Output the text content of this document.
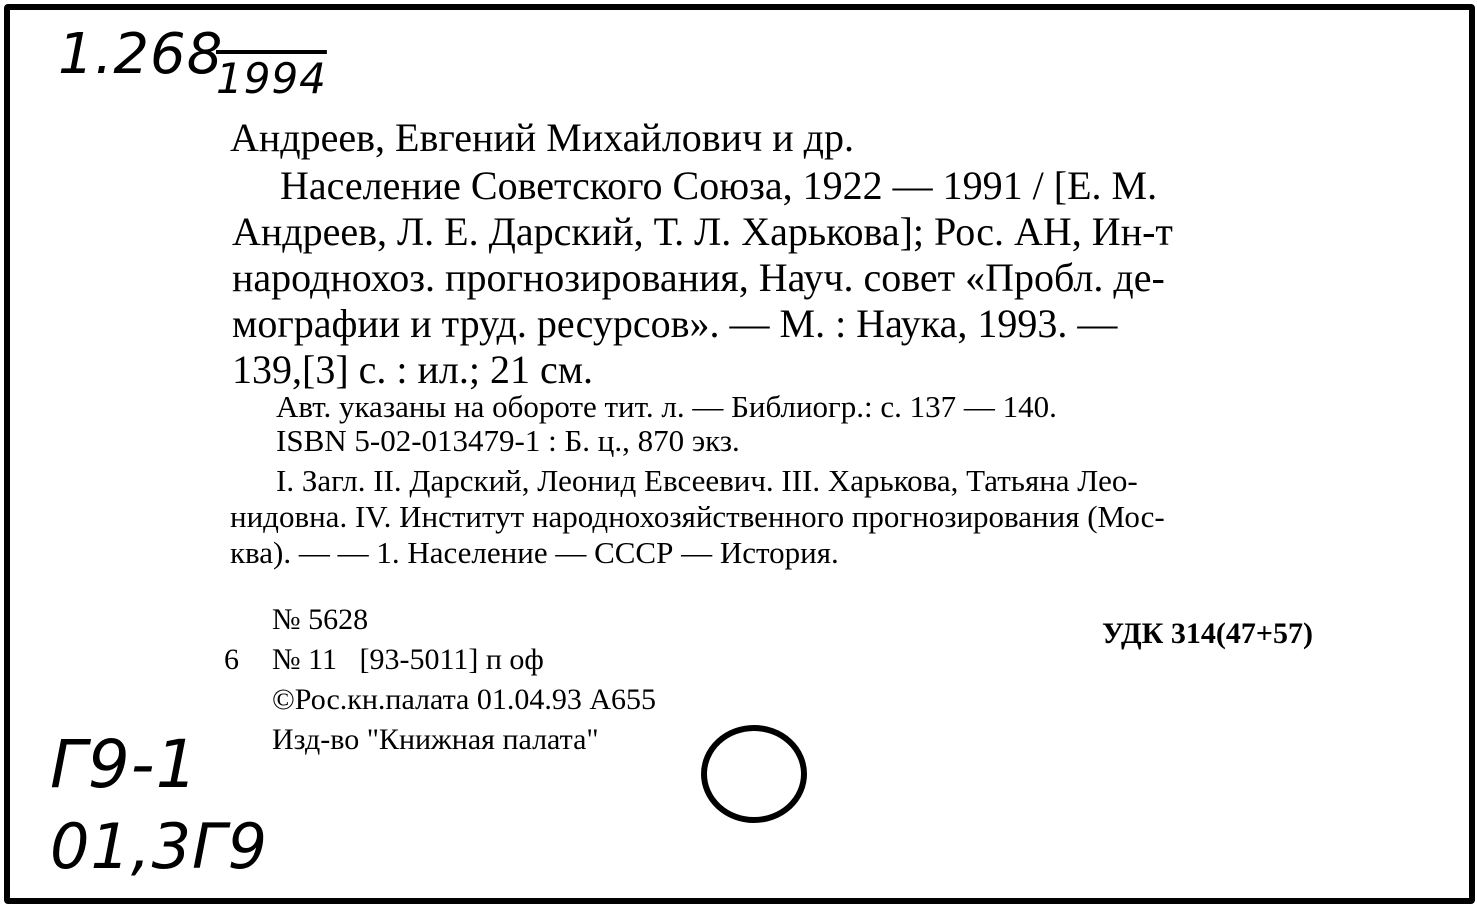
1.268
1994
Андреев, Евгений Михайлович и др.
Население Советского Союза, 1922 — 1991 / [Е. М.
Андреев, Л. Е. Дарский, Т. Л. Харькова]; Рос. АН, Ин-т
народнохоз. прогнозирования, Науч. совет «Пробл. де-
мографии и труд. ресурсов». — М. : Наука, 1993. —
139,[3] с. : ил.; 21 см.
Авт. указаны на обороте тит. л. — Библиогр.: с. 137 — 140.
ISBN 5-02-013479-1 : Б. ц., 870 экз.
I. Загл. II. Дарский, Леонид Евсеевич. III. Харькова, Татьяна Лео-
нидовна. IV. Институт народнохозяйственного прогнозирования (Мос-
ква). — — 1. Население — СССР — История.
№ 5628	УДК 314(47+57)
6 № 11   [93-5011] п оф
©Рос.кн.палата 01.04.93 А655
Изд-во "Книжная палата"
Г9-1
01,3Г9
